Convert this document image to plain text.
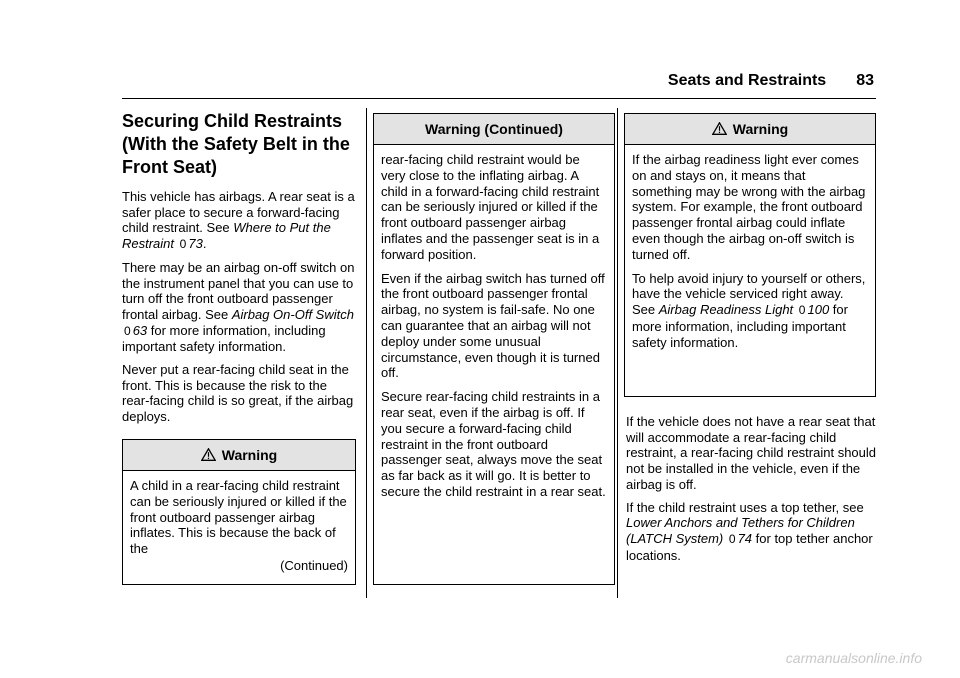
Seats and Restraints 83
Securing Child Restraints (With the Safety Belt in the Front Seat)

This vehicle has airbags. A rear seat is a safer place to secure a forward-facing child restraint. See Where to Put the Restraint 0 73.

There may be an airbag on-off switch on the instrument panel that you can use to turn off the front outboard passenger frontal airbag. See Airbag On-Off Switch 0 63 for more information, including important safety information.

Never put a rear-facing child seat in the front. This is because the risk to the rear-facing child is so great, if the airbag deploys.

Warning
A child in a rear-facing child restraint can be seriously injured or killed if the front outboard passenger airbag inflates. This is because the back of the
(Continued)
Warning (Continued)

rear-facing child restraint would be very close to the inflating airbag. A child in a forward-facing child restraint can be seriously injured or killed if the front outboard passenger airbag inflates and the passenger seat is in a forward position.

Even if the airbag switch has turned off the front outboard passenger frontal airbag, no system is fail-safe. No one can guarantee that an airbag will not deploy under some unusual circumstance, even though it is turned off.

Secure rear-facing child restraints in a rear seat, even if the airbag is off. If you secure a forward-facing child restraint in the front outboard passenger seat, always move the seat as far back as it will go. It is better to secure the child restraint in a rear seat.

Warning

If the airbag readiness light ever comes on and stays on, it means that something may be wrong with the airbag system. For example, the front outboard passenger frontal airbag could inflate even though the airbag on-off switch is turned off.

To help avoid injury to yourself or others, have the vehicle serviced right away. See Airbag Readiness Light 0 100 for more information, including important safety information.

If the vehicle does not have a rear seat that will accommodate a rear-facing child restraint, a rear-facing child restraint should not be installed in the vehicle, even if the airbag is off.

If the child restraint uses a top tether, see Lower Anchors and Tethers for Children (LATCH System) 0 74 for top tether anchor locations.

carmanualsonline.info
